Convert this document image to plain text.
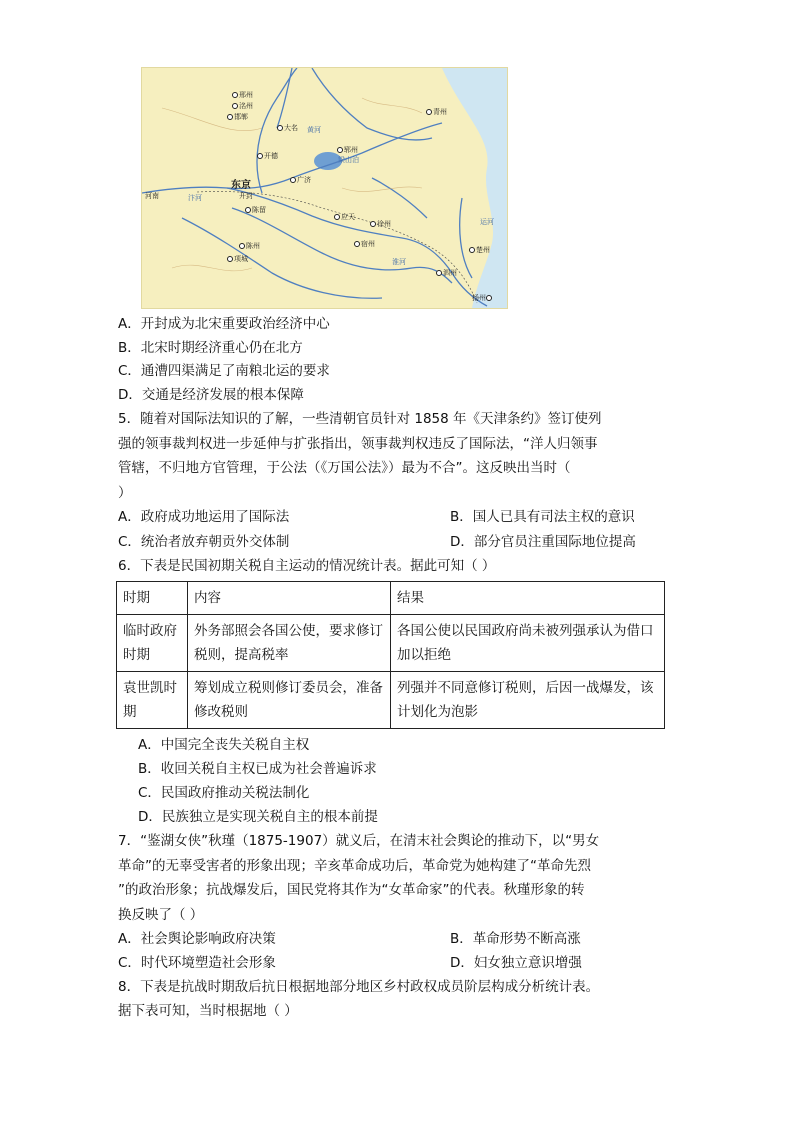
邢州
洺州
邯郸
大名
开德
青州
郓州
梁山泊
东京
开封
广济
河南	汴河
陈留
应天
徐州
宿州
陈州
项城
楚州
泗州
扬州
黄河
淮河
运河
A．开封成为北宋重要政治经济中心
B．北宋时期经济重心仍在北方
C．通漕四渠满足了南粮北运的要求
D．交通是经济发展的根本保障
5．随着对国际法知识的了解，一些清朝官员针对 1858 年《天津条约》签订使列
强的领事裁判权进一步延伸与扩张指出，领事裁判权违反了国际法，“洋人归领事
管辖，不归地方官管理，于公法（《万国公法》）最为不合”。这反映出当时（
）
A．政府成功地运用了国际法	B．国人已具有司法主权的意识
C．统治者放弃朝贡外交体制	D．部分官员注重国际地位提高
6．下表是民国初期关税自主运动的情况统计表。据此可知（ ）
时期	内容	结果
临时政府时期	外务部照会各国公使，要求修订税则，提高税率	各国公使以民国政府尚未被列强承认为借口加以拒绝
袁世凯时期	筹划成立税则修订委员会，准备修改税则	列强并不同意修订税则，后因一战爆发，该计划化为泡影
A．中国完全丧失关税自主权
B．收回关税自主权已成为社会普遍诉求
C．民国政府推动关税法制化
D．民族独立是实现关税自主的根本前提
7．“鉴湖女侠”秋瑾（1875-1907）就义后，在清末社会舆论的推动下，以“男女
革命”的无辜受害者的形象出现；辛亥革命成功后，革命党为她构建了“革命先烈
”的政治形象；抗战爆发后，国民党将其作为“女革命家”的代表。秋瑾形象的转
换反映了（ ）
A．社会舆论影响政府决策	B．革命形势不断高涨
C．时代环境塑造社会形象	D．妇女独立意识增强
8．下表是抗战时期敌后抗日根据地部分地区乡村政权成员阶层构成分析统计表。
据下表可知，当时根据地（ ）
